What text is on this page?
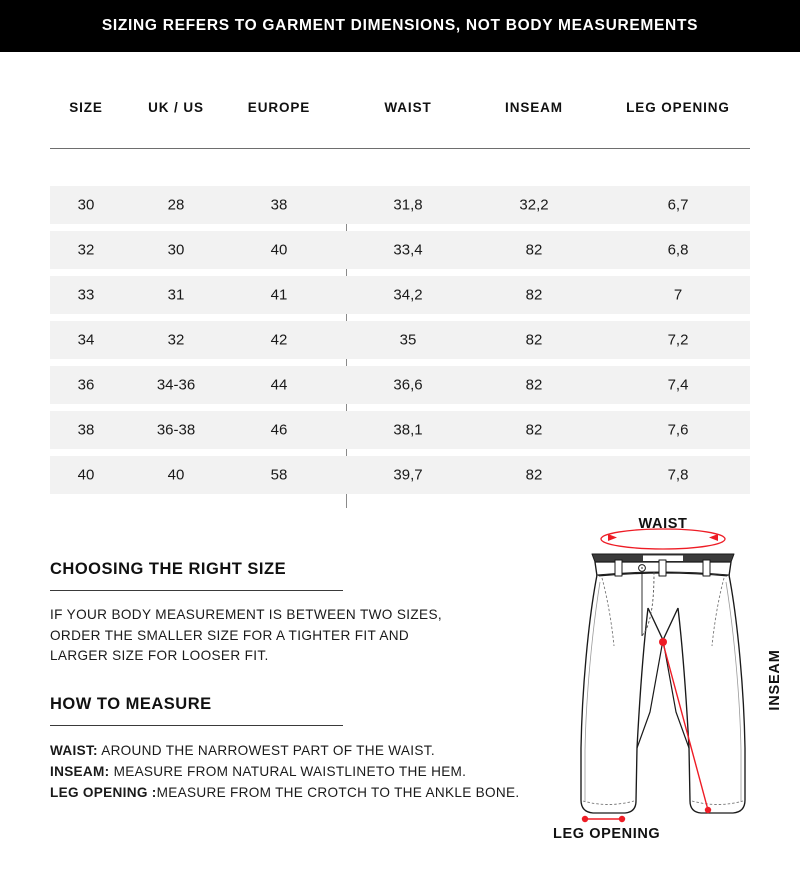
SIZING REFERS TO GARMENT DIMENSIONS, NOT BODY MEASUREMENTS
SIZE	UK / US	EUROPE	WAIST	INSEAM	LEG OPENING
30	28	38	31,8	32,2	6,7
32	30	40	33,4	82	6,8
33	31	41	34,2	82	7
34	32	42	35	82	7,2
36	34-36	44	36,6	82	7,4
38	36-38	46	38,1	82	7,6
40	40	58	39,7	82	7,8
CHOOSING THE RIGHT SIZE
IF YOUR BODY MEASUREMENT IS BETWEEN TWO SIZES,
ORDER THE SMALLER SIZE FOR A TIGHTER FIT AND
LARGER SIZE FOR LOOSER FIT.
HOW TO MEASURE
WAIST: AROUND THE NARROWEST PART OF THE WAIST.
INSEAM: MEASURE FROM NATURAL WAISTLINETO THE HEM.
LEG OPENING :MEASURE FROM THE CROTCH TO THE ANKLE BONE.
WAIST
INSEAM
LEG OPENING
